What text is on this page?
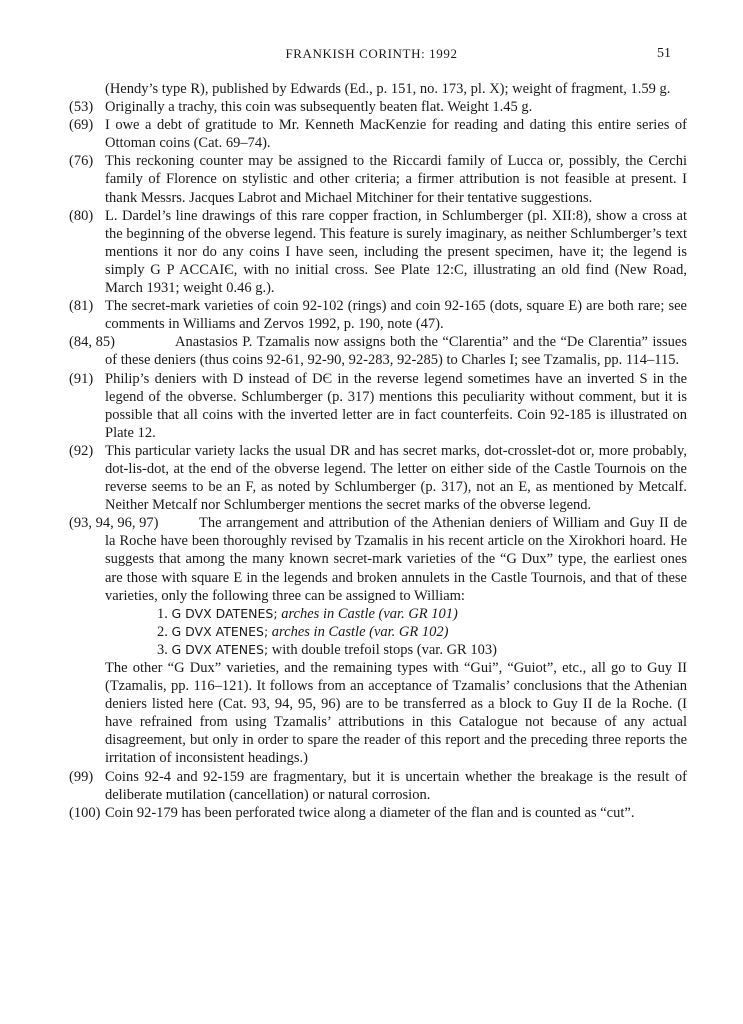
FRANKISH CORINTH: 1992	51
(Hendy’s type R), published by Edwards (Ed., p. 151, no. 173, pl. X); weight of fragment, 1.59 g.
(53) Originally a trachy, this coin was subsequently beaten flat. Weight 1.45 g.
(69) I owe a debt of gratitude to Mr. Kenneth MacKenzie for reading and dating this entire series of Ottoman coins (Cat. 69–74).
(76) This reckoning counter may be assigned to the Riccardi family of Lucca or, possibly, the Cerchi family of Florence on stylistic and other criteria; a firmer attribution is not feasible at present. I thank Messrs. Jacques Labrot and Michael Mitchiner for their tentative suggestions.
(80) L. Dardel’s line drawings of this rare copper fraction, in Schlumberger (pl. XII:8), show a cross at the beginning of the obverse legend. This feature is surely imaginary, as neither Schlumberger’s text mentions it nor do any coins I have seen, including the present specimen, have it; the legend is simply G P ACCAIЄ, with no initial cross. See Plate 12:C, illustrating an old find (New Road, March 1931; weight 0.46 g.).
(81) The secret-mark varieties of coin 92-102 (rings) and coin 92-165 (dots, square E) are both rare; see comments in Williams and Zervos 1992, p. 190, note (47).
(84, 85)	Anastasios P. Tzamalis now assigns both the “Clarentia” and the “De Clarentia” issues of these deniers (thus coins 92-61, 92-90, 92-283, 92-285) to Charles I; see Tzamalis, pp. 114–115.
(91) Philip’s deniers with D instead of DЄ in the reverse legend sometimes have an inverted S in the legend of the obverse. Schlumberger (p. 317) mentions this peculiarity without comment, but it is possible that all coins with the inverted letter are in fact counterfeits. Coin 92-185 is illustrated on Plate 12.
(92) This particular variety lacks the usual DR and has secret marks, dot-crosslet-dot or, more probably, dot-lis-dot, at the end of the obverse legend. The letter on either side of the Castle Tournois on the reverse seems to be an F, as noted by Schlumberger (p. 317), not an E, as mentioned by Metcalf. Neither Metcalf nor Schlumberger mentions the secret marks of the obverse legend.
(93, 94, 96, 97)	The arrangement and attribution of the Athenian deniers of William and Guy II de la Roche have been thoroughly revised by Tzamalis in his recent article on the Xirokhori hoard. He suggests that among the many known secret-mark varieties of the “G Dux” type, the earliest ones are those with square E in the legends and broken annulets in the Castle Tournois, and that of these varieties, only the following three can be assigned to William:
1. G DVX DATENES; arches in Castle (var. GR 101)
2. G DVX ATENES; arches in Castle (var. GR 102)
3. G DVX ATENES; with double trefoil stops (var. GR 103)
The other “G Dux” varieties, and the remaining types with “Gui”, “Guiot”, etc., all go to Guy II (Tzamalis, pp. 116–121). It follows from an acceptance of Tzamalis’ conclusions that the Athenian deniers listed here (Cat. 93, 94, 95, 96) are to be transferred as a block to Guy II de la Roche. (I have refrained from using Tzamalis’ attributions in this Catalogue not because of any actual disagreement, but only in order to spare the reader of this report and the preceding three reports the irritation of inconsistent headings.)
(99) Coins 92-4 and 92-159 are fragmentary, but it is uncertain whether the breakage is the result of deliberate mutilation (cancellation) or natural corrosion.
(100) Coin 92-179 has been perforated twice along a diameter of the flan and is counted as “cut”.
